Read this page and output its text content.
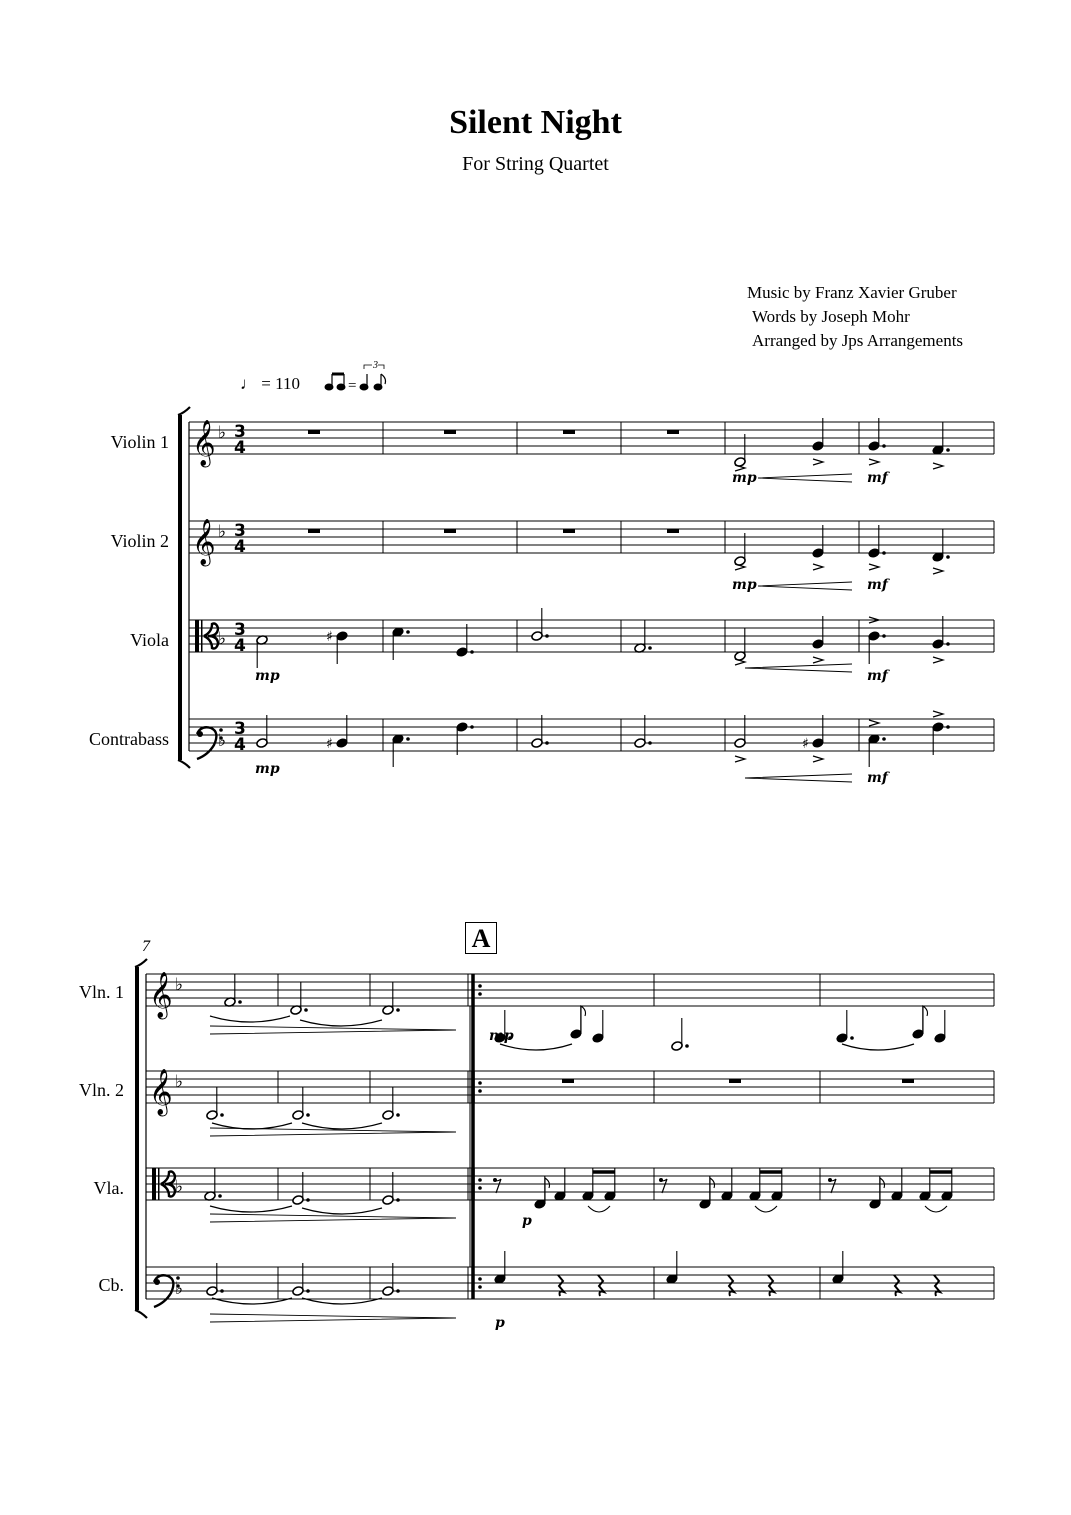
Silent Night
For String Quartet
Music by Franz Xavier Gruber
Words by Joseph Mohr
Arranged by Jps Arrangements
♩ = 110
Violin 1
Violin 2
Viola
Contrabass
Vln. 1
Vln. 2
Vla.
Cb.
7	A
=
3
𝄞
𝄞
♭
♭
♭
♭
3
4
3
4
3
4
3
4
mp	mf
mp	mf
♯
mp	mf
♯
mp
♯
mf
𝄞
𝄞
♭
♭
♭
♭
mp
p
p
